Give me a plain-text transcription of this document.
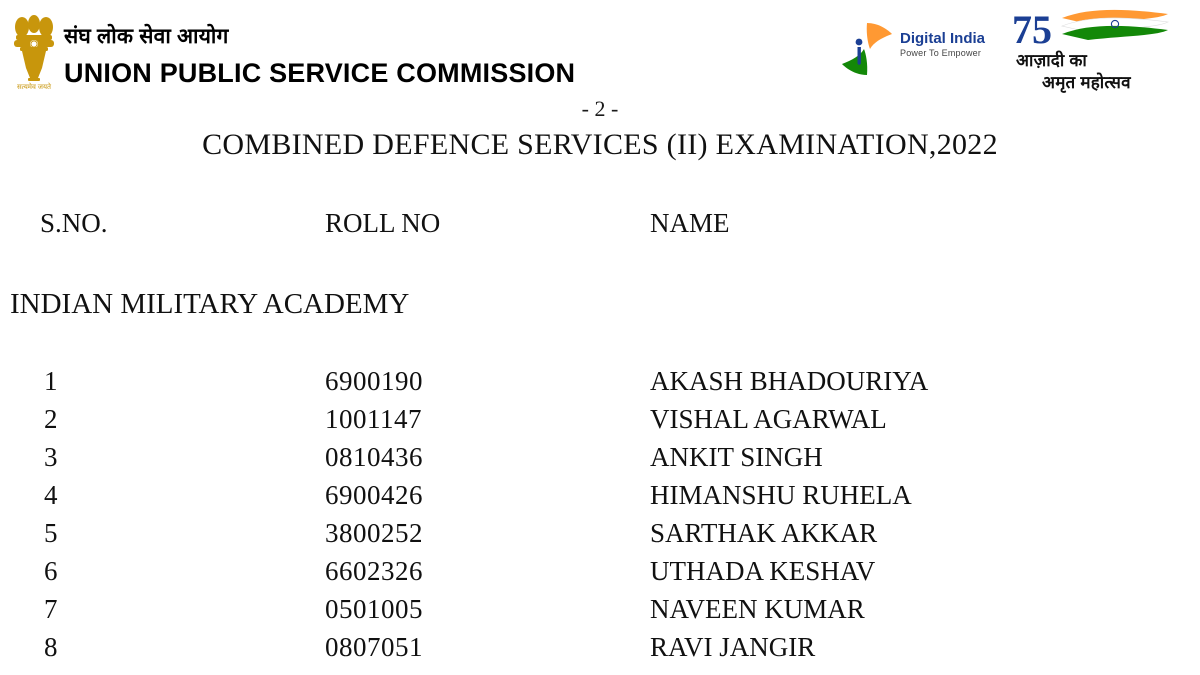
सत्यमेव जयते
संघ लोक सेवा आयोग
UNION PUBLIC SERVICE COMMISSION
Digital India
Power To Empower
75
आज़ादी का
अमृत महोत्सव
- 2 -
COMBINED DEFENCE SERVICES (II) EXAMINATION,2022
S.NO.	ROLL NO	NAME
INDIAN MILITARY ACADEMY
1	6900190	AKASH BHADOURIYA
2	1001147	VISHAL AGARWAL
3	0810436	ANKIT SINGH
4	6900426	HIMANSHU RUHELA
5	3800252	SARTHAK AKKAR
6	6602326	UTHADA KESHAV
7	0501005	NAVEEN KUMAR
8	0807051	RAVI JANGIR
